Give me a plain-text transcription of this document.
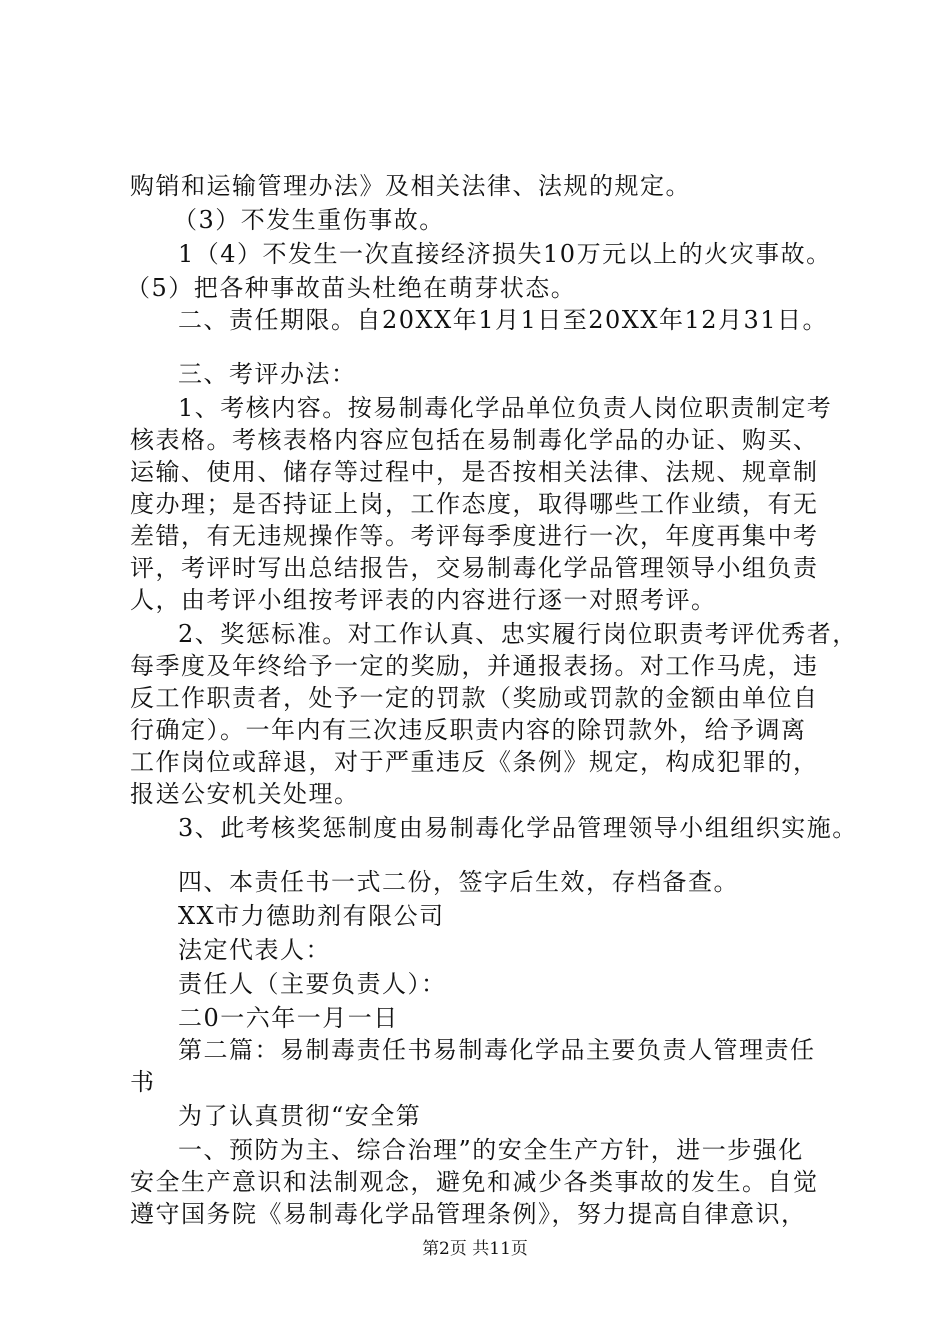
购销和运输管理办法》及相关法律、法规的规定。
（3）不发生重伤事故。
1（4）不发生一次直接经济损失10万元以上的火灾事故。
（5）把各种事故苗头杜绝在萌芽状态。
二、责任期限。自20XX年1月1日至20XX年12月31日。
三、考评办法：
1、考核内容。按易制毒化学品单位负责人岗位职责制定考
核表格。考核表格内容应包括在易制毒化学品的办证、购买、
运输、使用、储存等过程中，是否按相关法律、法规、规章制
度办理；是否持证上岗，工作态度，取得哪些工作业绩，有无
差错，有无违规操作等。考评每季度进行一次，年度再集中考
评，考评时写出总结报告，交易制毒化学品管理领导小组负责
人，由考评小组按考评表的内容进行逐一对照考评。
2、奖惩标准。对工作认真、忠实履行岗位职责考评优秀者，
每季度及年终给予一定的奖励，并通报表扬。对工作马虎，违
反工作职责者，处予一定的罚款（奖励或罚款的金额由单位自
行确定）。一年内有三次违反职责内容的除罚款外，给予调离
工作岗位或辞退，对于严重违反《条例》规定，构成犯罪的，
报送公安机关处理。
3、此考核奖惩制度由易制毒化学品管理领导小组组织实施。
四、本责任书一式二份，签字后生效，存档备查。
XX市力德助剂有限公司
法定代表人：
责任人（主要负责人）：
二0一六年一月一日
第二篇：易制毒责任书易制毒化学品主要负责人管理责任
书
为了认真贯彻“安全第
一、预防为主、综合治理”的安全生产方针，进一步强化
安全生产意识和法制观念，避免和减少各类事故的发生。自觉
遵守国务院《易制毒化学品管理条例》，努力提高自律意识，
第2页 共11页
